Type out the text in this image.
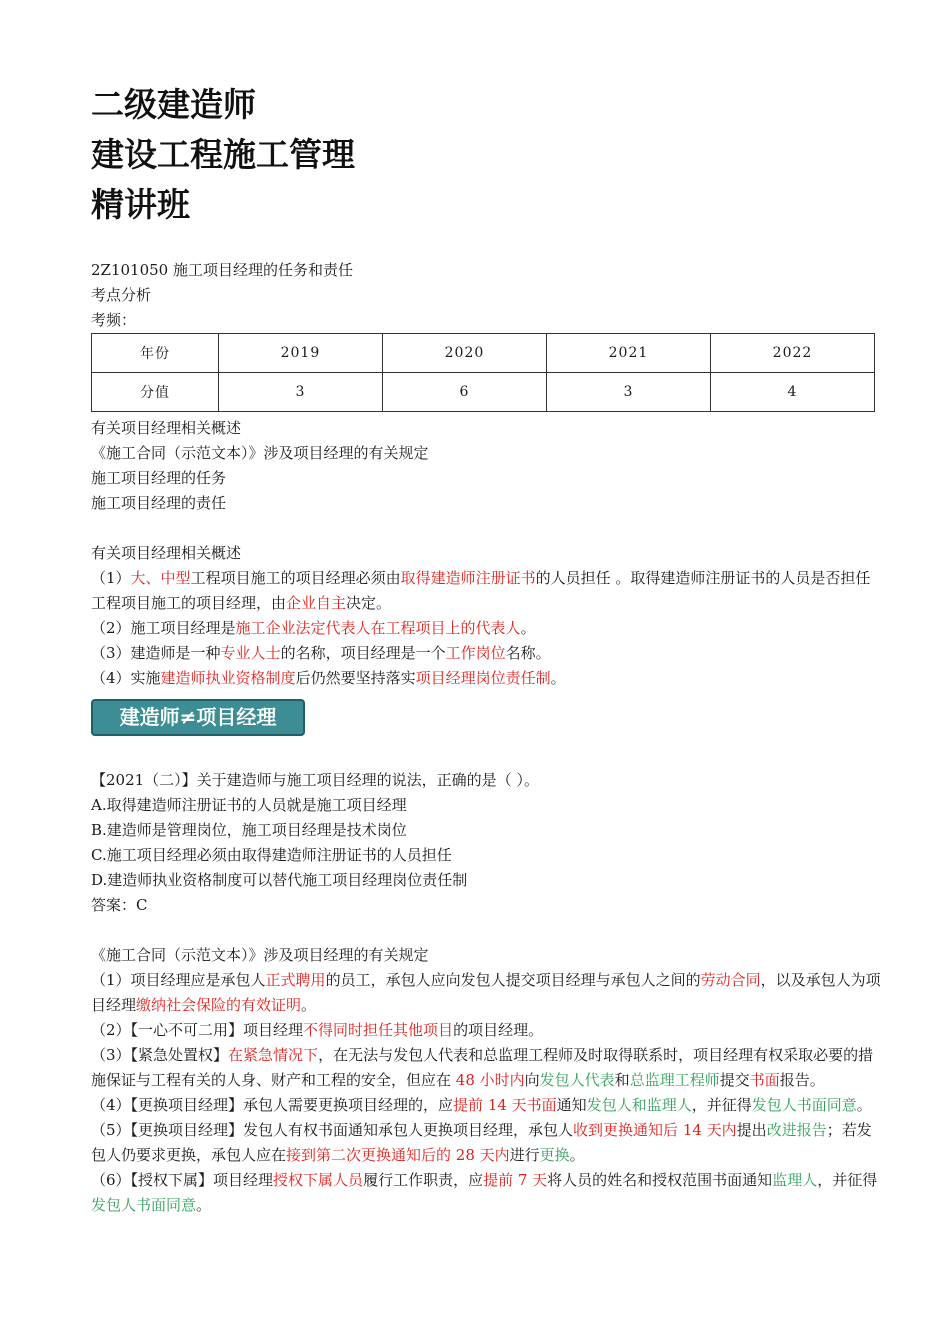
二级建造师
建设工程施工管理
精讲班
2Z101050 施工项目经理的任务和责任
考点分析
考频：
年份	2019	2020	2021	2022
分值	3	6	3	4
有关项目经理相关概述
《施工合同（示范文本）》涉及项目经理的有关规定
施工项目经理的任务
施工项目经理的责任
有关项目经理相关概述
（1）大、中型工程项目施工的项目经理必须由取得建造师注册证书的人员担任 。取得建造师注册证书的人员是否担任工程项目施工的项目经理，由企业自主决定。
（2）施工项目经理是施工企业法定代表人在工程项目上的代表人。
（3）建造师是一种专业人士的名称，项目经理是一个工作岗位名称。
（4）实施建造师执业资格制度后仍然要坚持落实项目经理岗位责任制。
建造师≠项目经理
【2021（二）】关于建造师与施工项目经理的说法，正确的是（ ）。
A.取得建造师注册证书的人员就是施工项目经理
B.建造师是管理岗位，施工项目经理是技术岗位
C.施工项目经理必须由取得建造师注册证书的人员担任
D.建造师执业资格制度可以替代施工项目经理岗位责任制
答案：C
《施工合同（示范文本）》涉及项目经理的有关规定
（1）项目经理应是承包人正式聘用的员工，承包人应向发包人提交项目经理与承包人之间的劳动合同，以及承包人为项目经理缴纳社会保险的有效证明。
（2）【一心不可二用】项目经理不得同时担任其他项目的项目经理。
（3）【紧急处置权】在紧急情况下，在无法与发包人代表和总监理工程师及时取得联系时，项目经理有权采取必要的措施保证与工程有关的人身、财产和工程的安全，但应在 48 小时内向发包人代表和总监理工程师提交书面报告。
（4）【更换项目经理】承包人需要更换项目经理的，应提前 14 天书面通知发包人和监理人，并征得发包人书面同意。
（5）【更换项目经理】发包人有权书面通知承包人更换项目经理，承包人收到更换通知后 14 天内提出改进报告；若发包人仍要求更换，承包人应在接到第二次更换通知后的 28 天内进行更换。
（6）【授权下属】项目经理授权下属人员履行工作职责，应提前 7 天将人员的姓名和授权范围书面通知监理人，并征得发包人书面同意。
